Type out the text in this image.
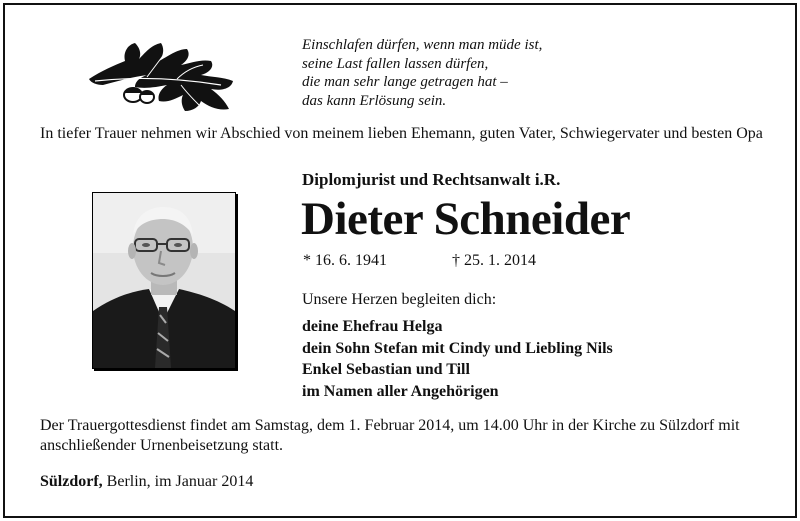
Einschlafen dürfen, wenn man müde ist,
seine Last fallen lassen dürfen,
die man sehr lange getragen hat –
das kann Erlösung sein.
In tiefer Trauer nehmen wir Abschied von meinem lieben Ehemann, guten Vater, Schwiegervater und besten Opa
Diplomjurist und Rechtsanwalt i.R.
Dieter Schneider
* 16. 6. 1941	† 25. 1. 2014
Unsere Herzen begleiten dich:
deine Ehefrau Helga
dein Sohn Stefan mit Cindy und Liebling Nils
Enkel Sebastian und Till
im Namen aller Angehörigen
Der Trauergottesdienst findet am Samstag, dem 1. Februar 2014, um 14.00 Uhr in der Kirche zu Sülzdorf mit anschließender Urnenbeisetzung statt.
Sülzdorf, Berlin, im Januar 2014
